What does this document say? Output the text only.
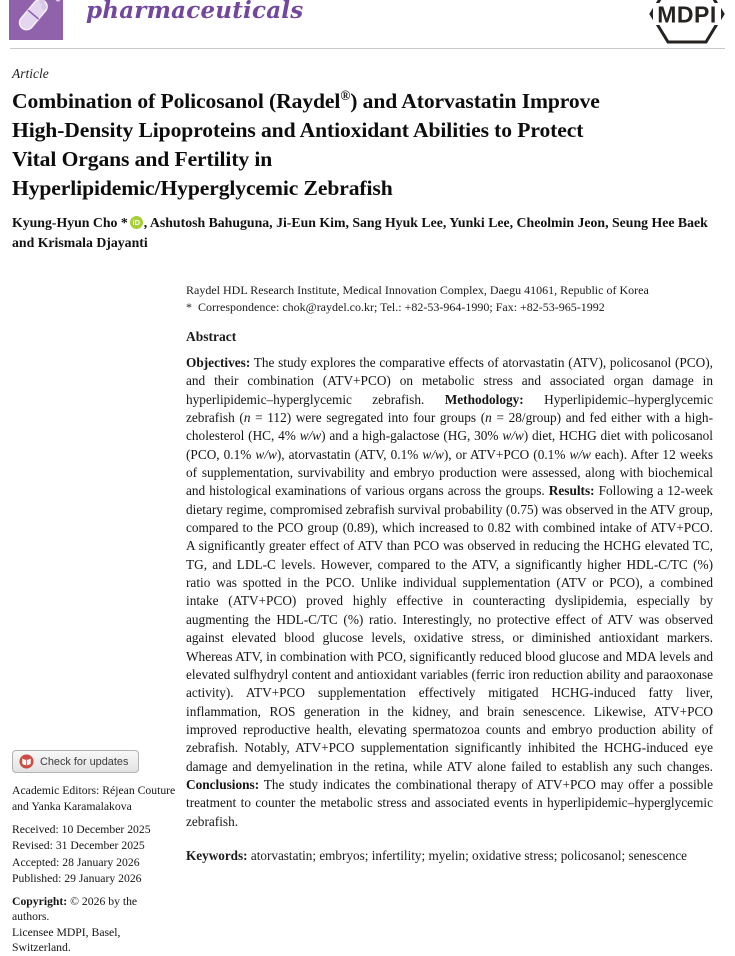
pharmaceuticals	MDPI
Article
Combination of Policosanol (Raydel®) and Atorvastatin Improve
High-Density Lipoproteins and Antioxidant Abilities to Protect
Vital Organs and Fertility in
Hyperlipidemic/Hyperglycemic Zebrafish

Kyung-Hyun Cho * iD , Ashutosh Bahuguna, Ji-Eun Kim, Sang Hyuk Lee, Yunki Lee, Cheolmin Jeon, Seung Hee Baek
and Krismala Djayanti

Raydel HDL Research Institute, Medical Innovation Complex, Daegu 41061, Republic of Korea
*  Correspondence: chok@raydel.co.kr; Tel.: +82-53-964-1990; Fax: +82-53-965-1992
Abstract

Objectives: The study explores the comparative effects of atorvastatin (ATV), policosanol (PCO), and their combination (ATV+PCO) on metabolic stress and associated organ damage in hyperlipidemic–hyperglycemic zebrafish. Methodology: Hyperlipidemic–hyperglycemic zebrafish (n = 112) were segregated into four groups (n = 28/group) and fed either with a high-cholesterol (HC, 4% w/w) and a high-galactose (HG, 30% w/w) diet, HCHG diet with policosanol (PCO, 0.1% w/w), atorvastatin (ATV, 0.1% w/w), or ATV+PCO (0.1% w/w each). After 12 weeks of supplementation, survivability and embryo production were assessed, along with biochemical and histological examinations of various organs across the groups. Results: Following a 12-week dietary regime, compromised zebrafish survival probability (0.75) was observed in the ATV group, compared to the PCO group (0.89), which increased to 0.82 with combined intake of ATV+PCO. A significantly greater effect of ATV than PCO was observed in reducing the HCHG elevated TC, TG, and LDL-C levels. However, compared to the ATV, a significantly higher HDL-C/TC (%) ratio was spotted in the PCO. Unlike individual supplementation (ATV or PCO), a combined intake (ATV+PCO) proved highly effective in counteracting dyslipidemia, especially by augmenting the HDL-C/TC (%) ratio. Interestingly, no protective effect of ATV was observed against elevated blood glucose levels, oxidative stress, or diminished antioxidant markers. Whereas ATV, in combination with PCO, significantly reduced blood glucose and MDA levels and elevated sulfhydryl content and antioxidant variables (ferric iron reduction ability and paraoxonase activity). ATV+PCO supplementation effectively mitigated HCHG-induced fatty liver, inflammation, ROS generation in the kidney, and brain senescence. Likewise, ATV+PCO improved reproductive health, elevating spermatozoa counts and embryo production ability of zebrafish. Notably, ATV+PCO supplementation significantly inhibited the HCHG-induced eye damage and demyelination in the retina, while ATV alone failed to establish any such changes. Conclusions: The study indicates the combinational therapy of ATV+PCO may offer a possible treatment to counter the metabolic stress and associated events in hyperlipidemic–hyperglycemic zebrafish.

Keywords: atorvastatin; embryos; infertility; myelin; oxidative stress; policosanol; senescence
Check for updates
Academic Editors: Réjean Couture and Yanka Karamalakova
Received: 10 December 2025
Revised: 31 December 2025
Accepted: 28 January 2026
Published: 29 January 2026
Copyright: © 2026 by the authors.
Licensee MDPI, Basel, Switzerland.
